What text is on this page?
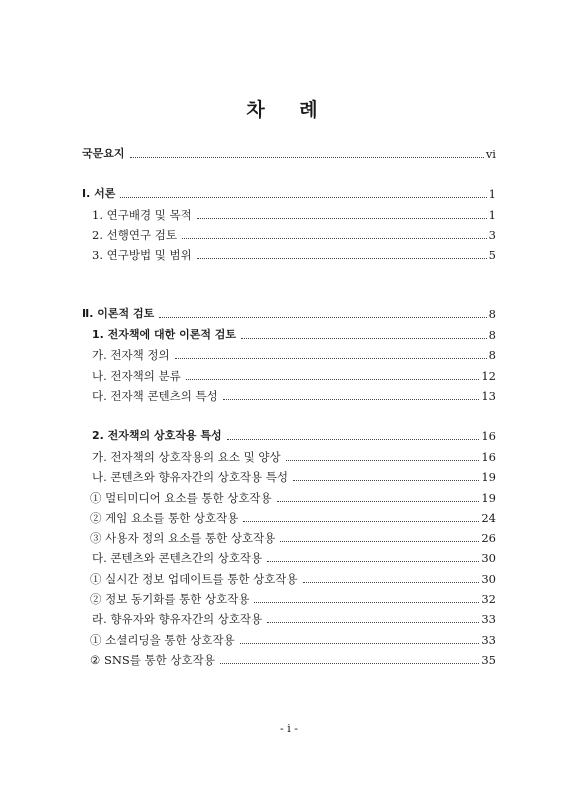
차 례
국문요지	vi
Ⅰ. 서론	1
1. 연구배경 및 목적	1
2. 선행연구 검토	3
3. 연구방법 및 범위	5
Ⅱ. 이론적 검토	8
1. 전자책에 대한 이론적 검토	8
가. 전자책 정의	8
나. 전자책의 분류	12
다. 전자책 콘텐츠의 특성	13
2. 전자책의 상호작용 특성	16
가. 전자책의 상호작용의 요소 및 양상	16
나. 콘텐츠와 향유자간의 상호작용 특성	19
① 멀티미디어 요소를 통한 상호작용	19
② 게임 요소를 통한 상호작용	24
③ 사용자 정의 요소를 통한 상호작용	26
다. 콘텐츠와 콘텐츠간의 상호작용	30
① 실시간 정보 업데이트를 통한 상호작용	30
② 정보 동기화를 통한 상호작용	32
라. 향유자와 향유자간의 상호작용	33
① 소셜리딩을 통한 상호작용	33
② SNS를 통한 상호작용	35
- i -
